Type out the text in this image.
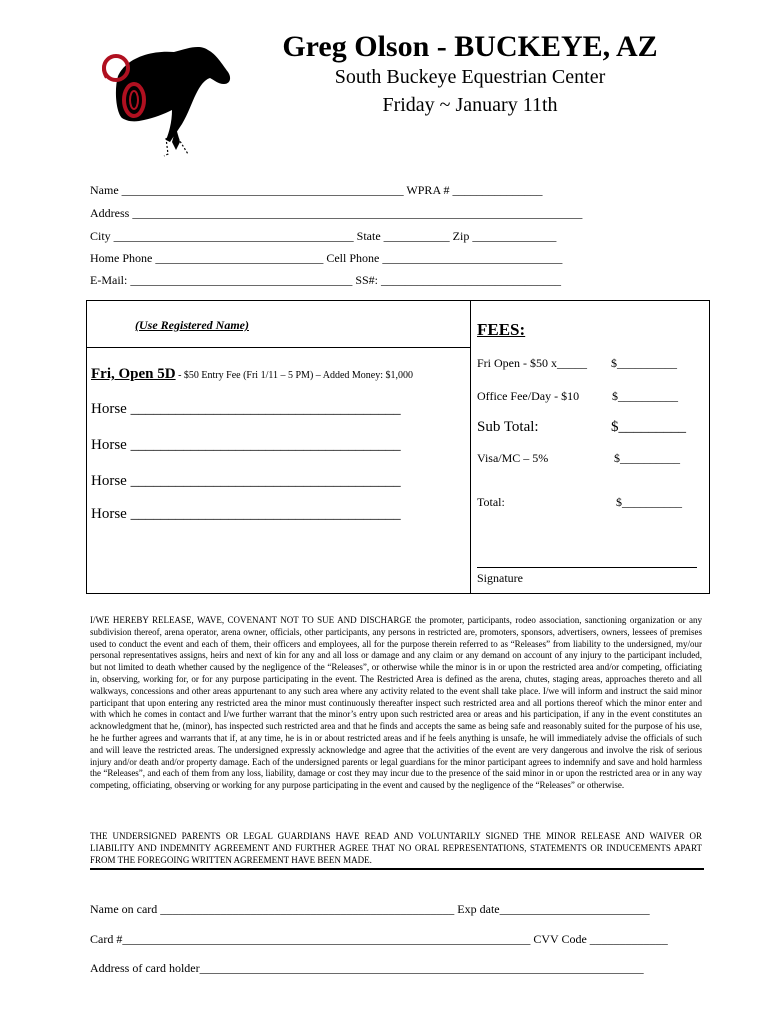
Greg Olson - BUCKEYE, AZ
South Buckeye Equestrian Center
Friday ~ January 11th
Name _______________________________________________ WPRA # _______________
Address ___________________________________________________________________________
City ________________________________________ State ___________ Zip ______________
Home Phone ____________________________ Cell Phone ______________________________
E-Mail: _____________________________________ SS#: ______________________________
(Use Registered Name)	FEES:
Fri, Open 5D - $50 Entry Fee (Fri 1/11 – 5 PM) – Added Money: $1,000
Horse ____________________________________
Horse ____________________________________
Horse ____________________________________
Horse ____________________________________
Fri Open - $50 x_____ $__________
Office Fee/Day - $10	$__________
Sub Total:	$_________
Visa/MC – 5%	$__________
Total:	$__________
Signature
I/WE HEREBY RELEASE, WAVE, COVENANT NOT TO SUE AND DISCHARGE the promoter, participants, rodeo association, sanctioning organization or any subdivision thereof, arena operator, arena owner, officials, other participants, any persons in restricted are, promoters, sponsors, advertisers, owners, lessees of premises used to conduct the event and each of them, their officers and employees, all for the purpose therein referred to as “Releases” from liability to the undersigned, my/our personal representatives assigns, heirs and next of kin for any and all loss or damage and any claim or any demand on account of any injury to the participant included, but not limited to death whether caused by the negligence of the “Releases”, or otherwise while the minor is in or upon the restricted area and/or competing, officiating in, observing, working for, or for any purpose participating in the event. The Restricted Area is defined as the arena, chutes, staging areas, approaches thereto and all walkways, concessions and other areas appurtenant to any such area where any activity related to the event shall take place. I/we will inform and instruct the said minor participant that upon entering any restricted area the minor must continuously thereafter inspect such restricted area and all portions thereof which the minor enter and with which he comes in contact and I/we further warrant that the minor’s entry upon such restricted area or areas and his participation, if any in the event constitutes an acknowledgment that he, (minor), has inspected such restricted area and that he finds and accepts the same as being safe and reasonably suited for the purpose of his use, he he further agrees and warrants that if, at any time, he is in or about restricted areas and if he feels anything is unsafe, he will immediately advise the officials of such and will leave the restricted areas. The undersigned expressly acknowledge and agree that the activities of the event are very dangerous and involve the risk of serious injury and/or death and/or property damage. Each of the undersigned parents or legal guardians for the minor participant agrees to indemnify and save and hold harmless the “Releases”, and each of them from any loss, liability, damage or cost they may incur due to the presence of the said minor in or upon the restricted area or in any way competing, officiating, observing or working for any purpose participating in the event and caused by the negligence of the “Releases” or otherwise.
THE UNDERSIGNED PARENTS OR LEGAL GUARDIANS HAVE READ AND VOLUNTARILY SIGNED THE MINOR RELEASE AND WAIVER OR LIABILITY AND INDEMNITY AGREEMENT AND FURTHER AGREE THAT NO ORAL REPRESENTATIONS, STATEMENTS OR INDUCEMENTS APART FROM THE FOREGOING WRITTEN AGREEMENT HAVE BEEN MADE.
Name on card _________________________________________________ Exp date_________________________
Card #____________________________________________________________________ CVV Code _____________
Address of card holder__________________________________________________________________________
